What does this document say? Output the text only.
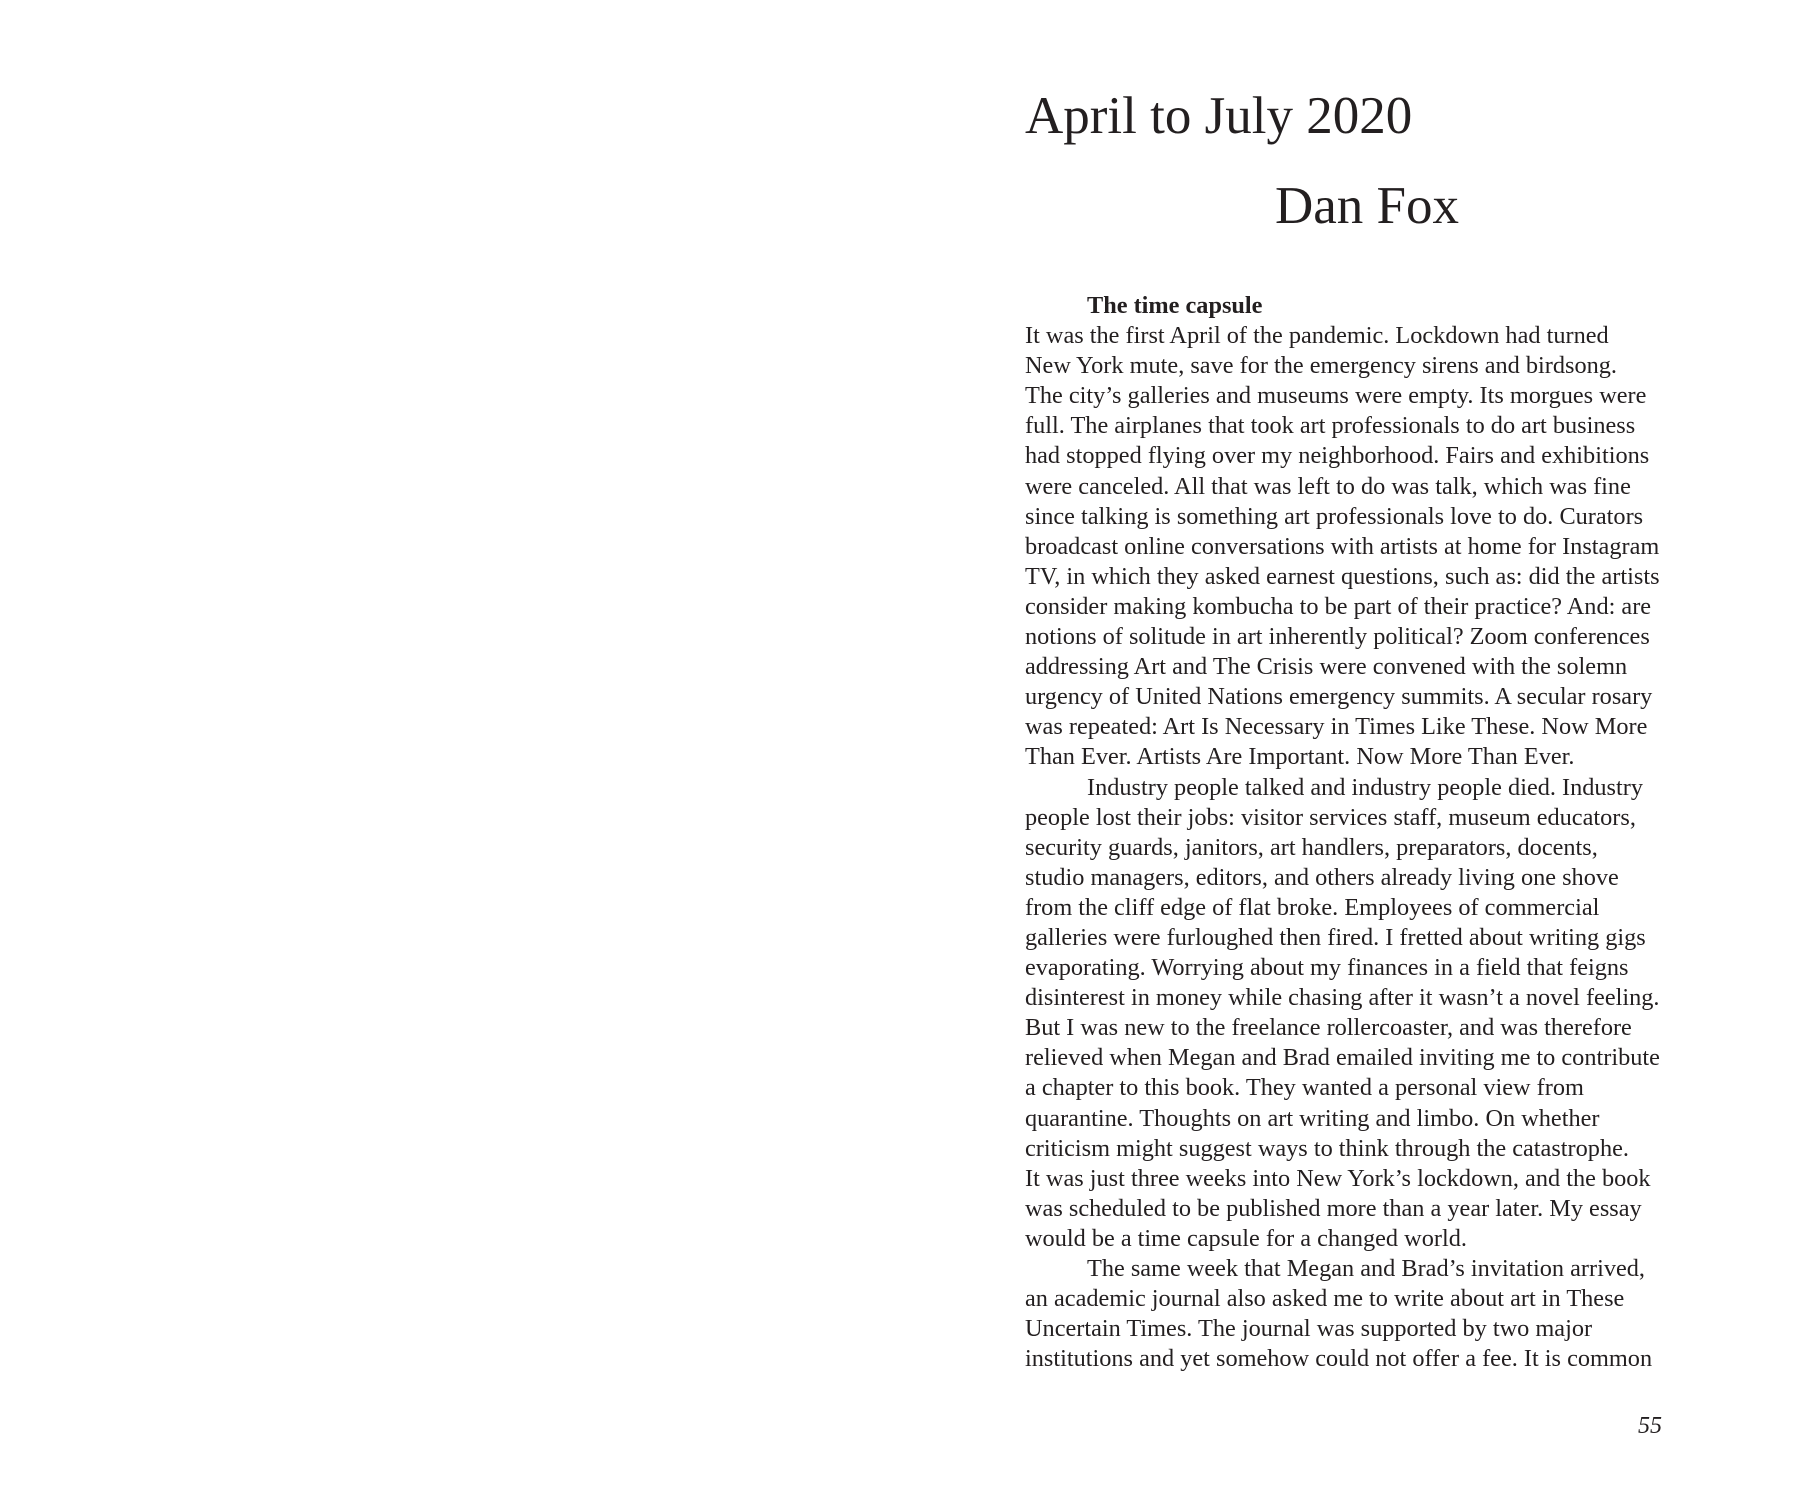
April to July 2020
Dan Fox
The time capsule

It was the first April of the pandemic. Lockdown had turned
New York mute, save for the emergency sirens and birdsong.
The city’s galleries and museums were empty. Its morgues were
full. The airplanes that took art professionals to do art business
had stopped flying over my neighborhood. Fairs and exhibitions
were canceled. All that was left to do was talk, which was fine
since talking is something art professionals love to do. Curators
broadcast online conversations with artists at home for Instagram
TV, in which they asked earnest questions, such as: did the artists
consider making kombucha to be part of their practice? And: are
notions of solitude in art inherently political? Zoom conferences
addressing Art and The Crisis were convened with the solemn
urgency of United Nations emergency summits. A secular rosary
was repeated: Art Is Necessary in Times Like These. Now More
Than Ever. Artists Are Important. Now More Than Ever.

Industry people talked and industry people died. Industry
people lost their jobs: visitor services staff, museum educators,
security guards, janitors, art handlers, preparators, docents,
studio managers, editors, and others already living one shove
from the cliff edge of flat broke. Employees of commercial
galleries were furloughed then fired. I fretted about writing gigs
evaporating. Worrying about my finances in a field that feigns
disinterest in money while chasing after it wasn’t a novel feeling.
But I was new to the freelance rollercoaster, and was therefore
relieved when Megan and Brad emailed inviting me to contribute
a chapter to this book. They wanted a personal view from
quarantine. Thoughts on art writing and limbo. On whether
criticism might suggest ways to think through the catastrophe.
It was just three weeks into New York’s lockdown, and the book
was scheduled to be published more than a year later. My essay
would be a time capsule for a changed world.

The same week that Megan and Brad’s invitation arrived,
an academic journal also asked me to write about art in These
Uncertain Times. The journal was supported by two major
institutions and yet somehow could not offer a fee. It is common

55
